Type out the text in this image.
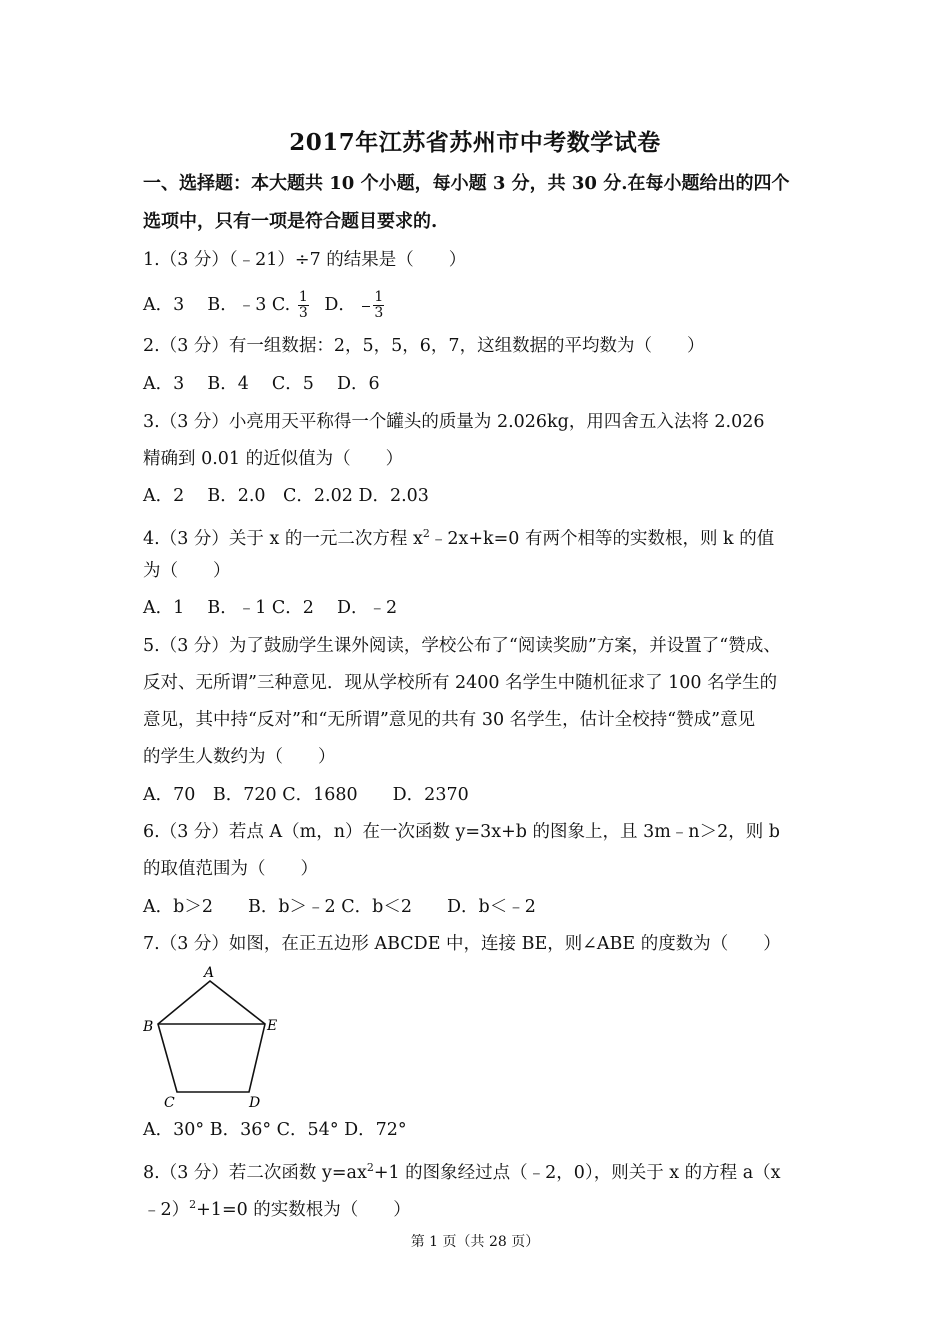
2017年江苏省苏州市中考数学试卷
一、选择题：本大题共 10 个小题，每小题 3 分，共 30 分.在每小题给出的四个
选项中，只有一项是符合题目要求的.
1.（3 分）（﹣21）÷7 的结果是（　　）
A．3　 B．﹣3 C. $\frac{1}{3}$ D． $\frac{1}{3}$
2.（3 分）有一组数据：2，5，5，6，7，这组数据的平均数为（　　）
A．3　 B．4　 C．5　 D．6
3.（3 分）小亮用天平称得一个罐头的质量为 2.026kg，用四舍五入法将 2.026
精确到 0.01 的近似值为（　　）
A．2　 B．2.0　C．2.02 D．2.03
4.（3 分）关于 x 的一元二次方程 $x^2﹣2x+k=0$ 有两个相等的实数根，则 k 的值
为（　　）
A．1　 B．﹣1 C．2　 D．﹣2
5.（3 分）为了鼓励学生课外阅读，学校公布了“阅读奖励”方案，并设置了“赞成、
反对、无所谓”三种意见．现从学校所有 2400 名学生中随机征求了 100 名学生的
意见，其中持“反对”和“无所谓”意见的共有 30 名学生，估计全校持“赞成”意见
的学生人数约为（　　）
A．70　B．720 C．1680　　D．2370
6.（3 分）若点 A（m，n）在一次函数 y=3x+b 的图象上，且 3m﹣n＞2，则 b
的取值范围为（　　）
A．b＞2　　B．b＞﹣2 C．b＜2　　D．b＜﹣2
7.（3 分）如图，在正五边形 ABCDE 中，连接 BE，则∠ABE 的度数为（　　）
A
B	E
C	D
A．30° B．36° C．54° D．72°
8.（3 分）若二次函数 $y=ax^2+1$ 的图象经过点（﹣2，0），则关于 x 的方程 a（x
﹣2）$^2$+1=0 的实数根为（　　）
第 1 页（共 28 页）
